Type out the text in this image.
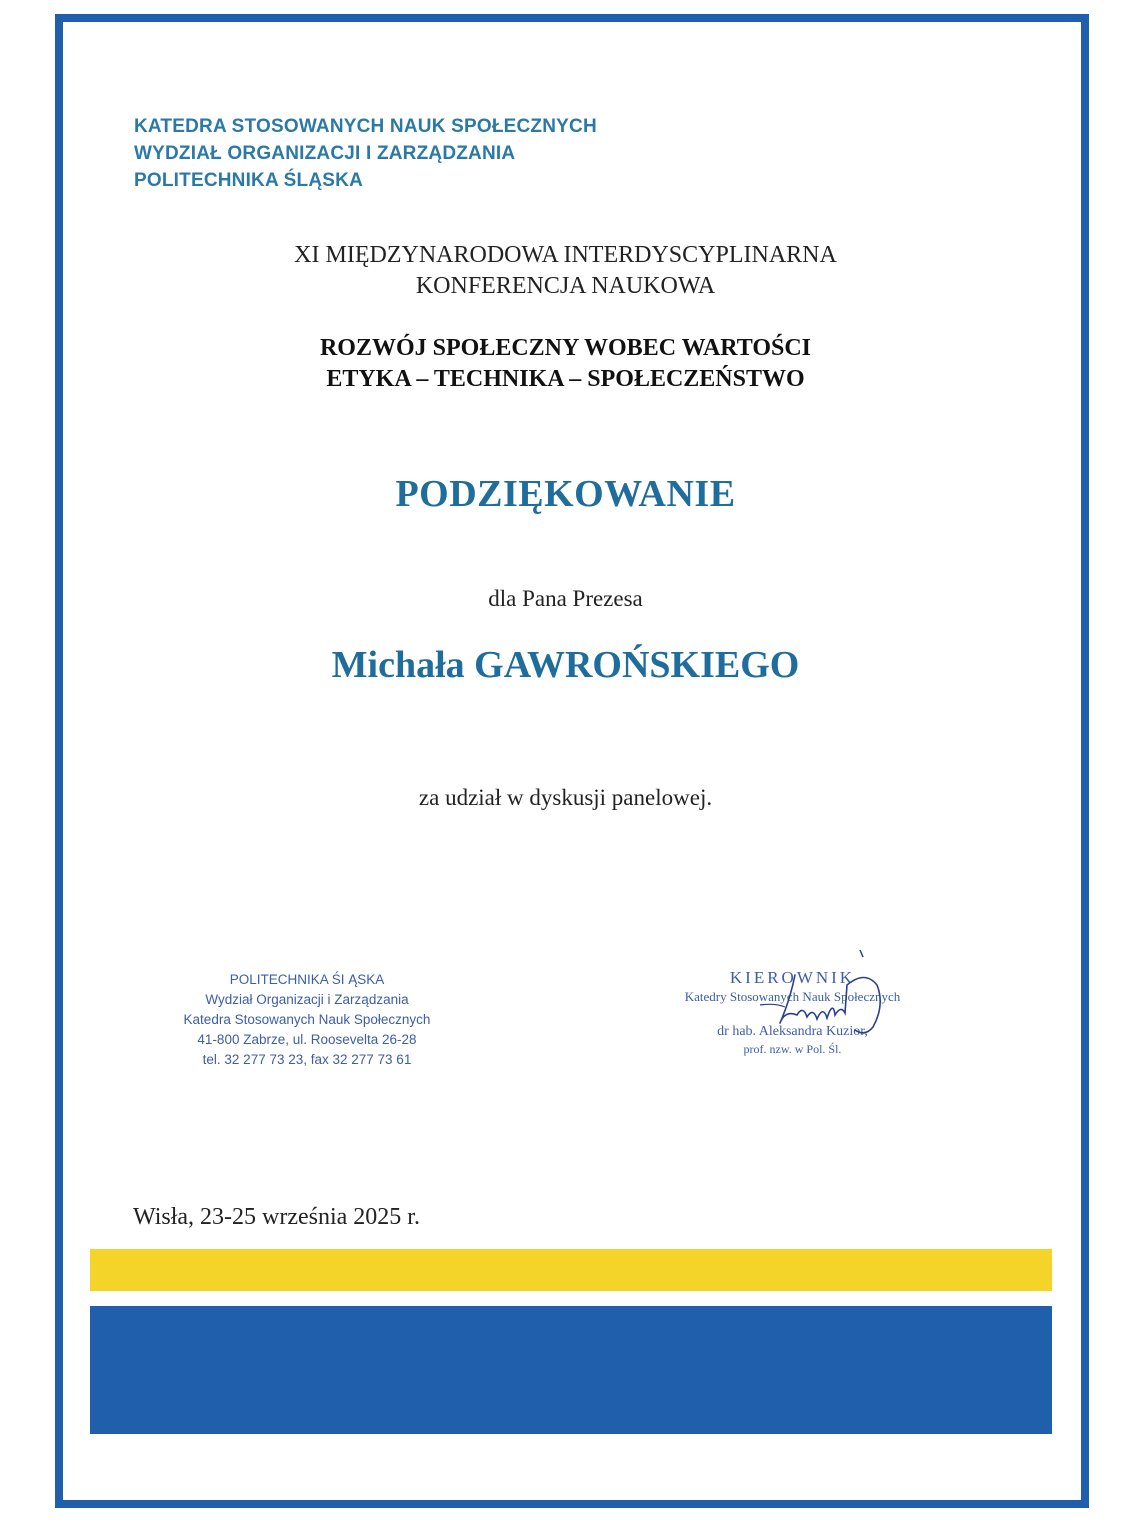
KATEDRA STOSOWANYCH NAUK SPOŁECZNYCH
WYDZIAŁ ORGANIZACJI I ZARZĄDZANIA
POLITECHNIKA ŚLĄSKA
XI MIĘDZYNARODOWA INTERDYSCYPLINARNA
KONFERENCJA NAUKOWA
ROZWÓJ SPOŁECZNY WOBEC WARTOŚCI
ETYKA – TECHNIKA – SPOŁECZEŃSTWO
PODZIĘKOWANIE
dla Pana Prezesa
Michała GAWROŃSKIEGO
za udział w dyskusji panelowej.
POLITECHNIKA ŚI ĄSKA
Wydział Organizacji i Zarządzania
Katedra Stosowanych Nauk Społecznych
41-800 Zabrze, ul. Roosevelta 26-28
tel. 32 277 73 23, fax 32 277 73 61
KIEROWNIK
Katedry Stosowanych Nauk Społecznych
dr hab. Aleksandra Kuzior,
prof. nzw. w Pol. Śl.
Wisła, 23-25 września 2025 r.
